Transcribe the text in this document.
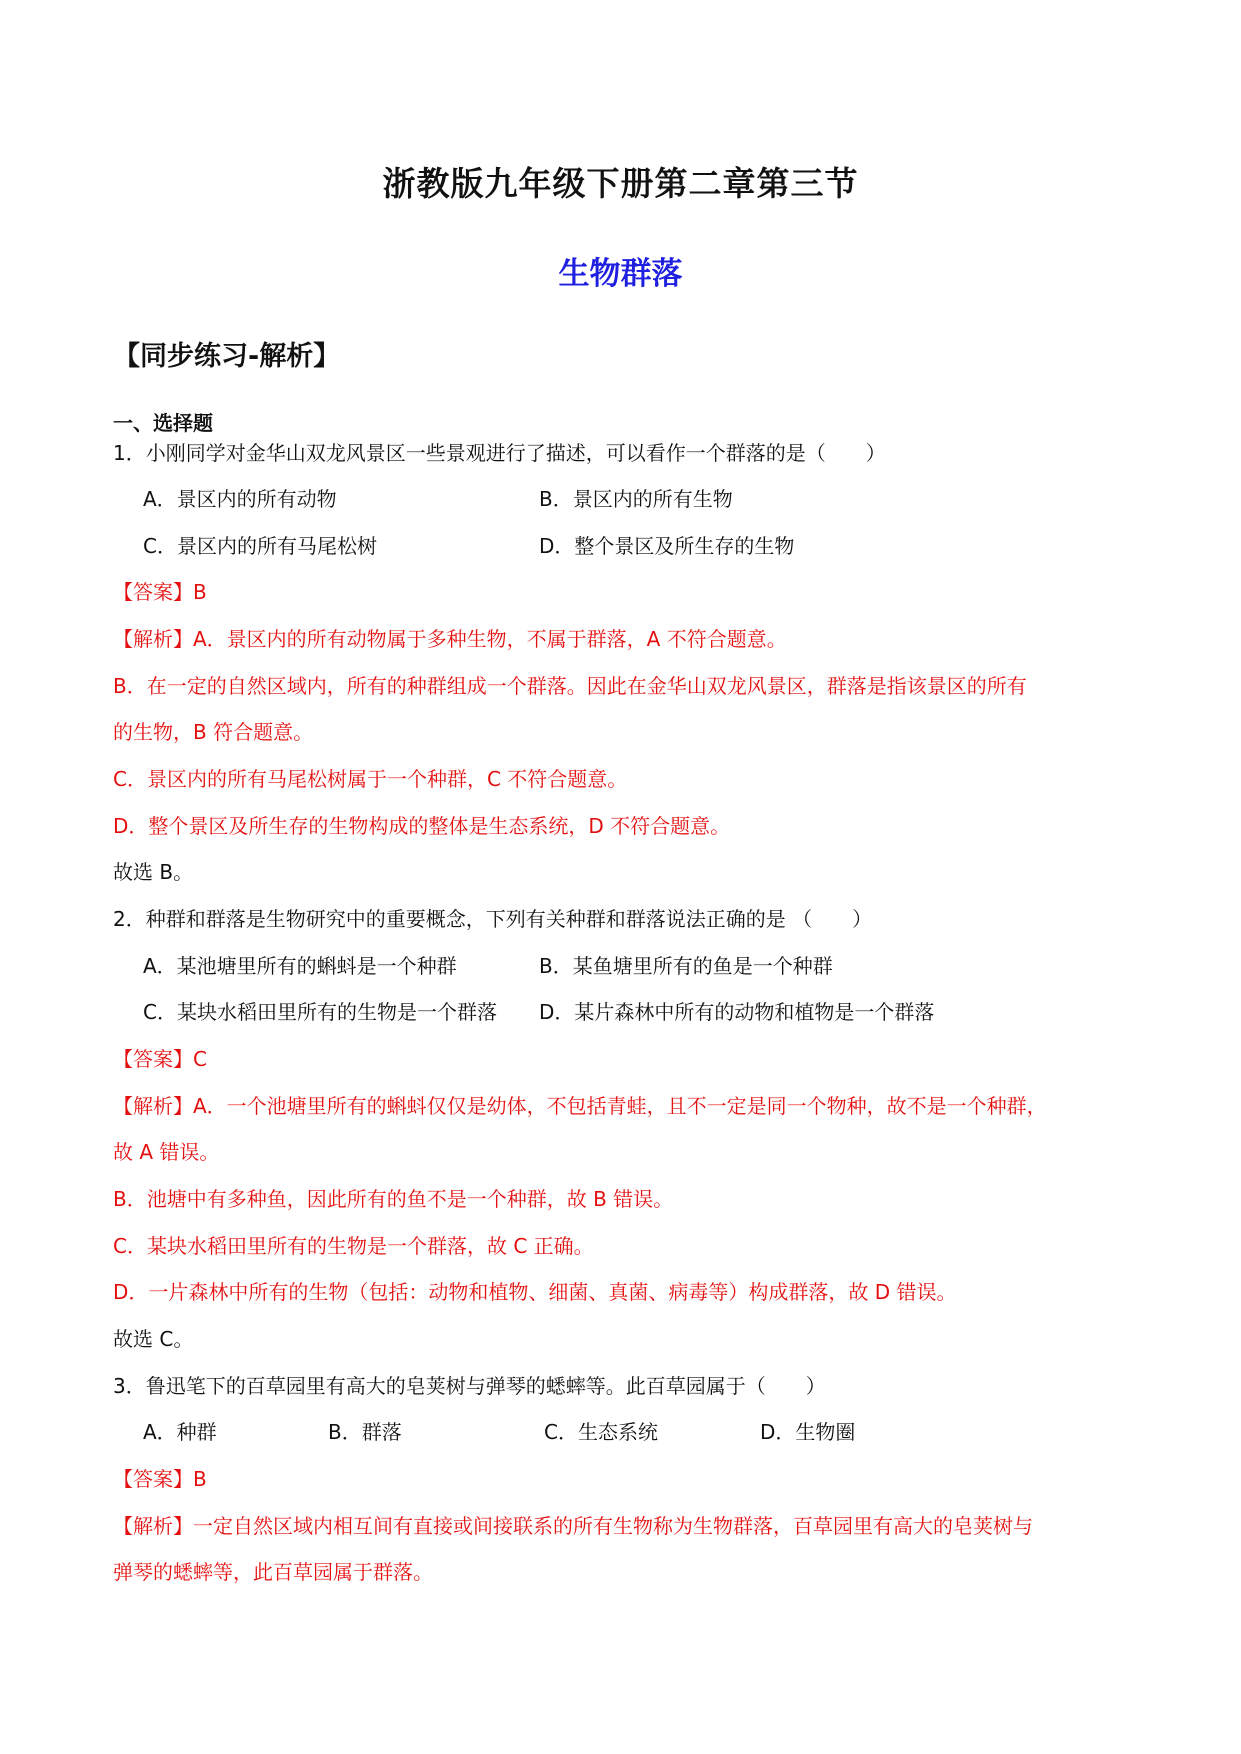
浙教版九年级下册第二章第三节
生物群落
【同步练习-解析】
一、选择题
1．小刚同学对金华山双龙风景区一些景观进行了描述，可以看作一个群落的是（　　）
A．景区内的所有动物	B．景区内的所有生物
C．景区内的所有马尾松树	D．整个景区及所生存的生物
【答案】B
【解析】A．景区内的所有动物属于多种生物，不属于群落，A 不符合题意。
B．在一定的自然区域内，所有的种群组成一个群落。因此在金华山双龙风景区，群落是指该景区的所有
的生物，B 符合题意。
C．景区内的所有马尾松树属于一个种群，C 不符合题意。
D．整个景区及所生存的生物构成的整体是生态系统，D 不符合题意。
故选 B。
2．种群和群落是生物研究中的重要概念，下列有关种群和群落说法正确的是 （　　）
A．某池塘里所有的蝌蚪是一个种群	B．某鱼塘里所有的鱼是一个种群
C．某块水稻田里所有的生物是一个群落 D．某片森林中所有的动物和植物是一个群落
【答案】C
【解析】A．一个池塘里所有的蝌蚪仅仅是幼体，不包括青蛙，且不一定是同一个物种，故不是一个种群，
故 A 错误。
B．池塘中有多种鱼，因此所有的鱼不是一个种群，故 B 错误。
C．某块水稻田里所有的生物是一个群落，故 C 正确。
D．一片森林中所有的生物（包括：动物和植物、细菌、真菌、病毒等）构成群落，故 D 错误。
故选 C。
3．鲁迅笔下的百草园里有高大的皂荚树与弹琴的蟋蟀等。此百草园属于（　　）
A．种群	B．群落	C．生态系统	D．生物圈
【答案】B
【解析】一定自然区域内相互间有直接或间接联系的所有生物称为生物群落，百草园里有高大的皂荚树与
弹琴的蟋蟀等，此百草园属于群落。
